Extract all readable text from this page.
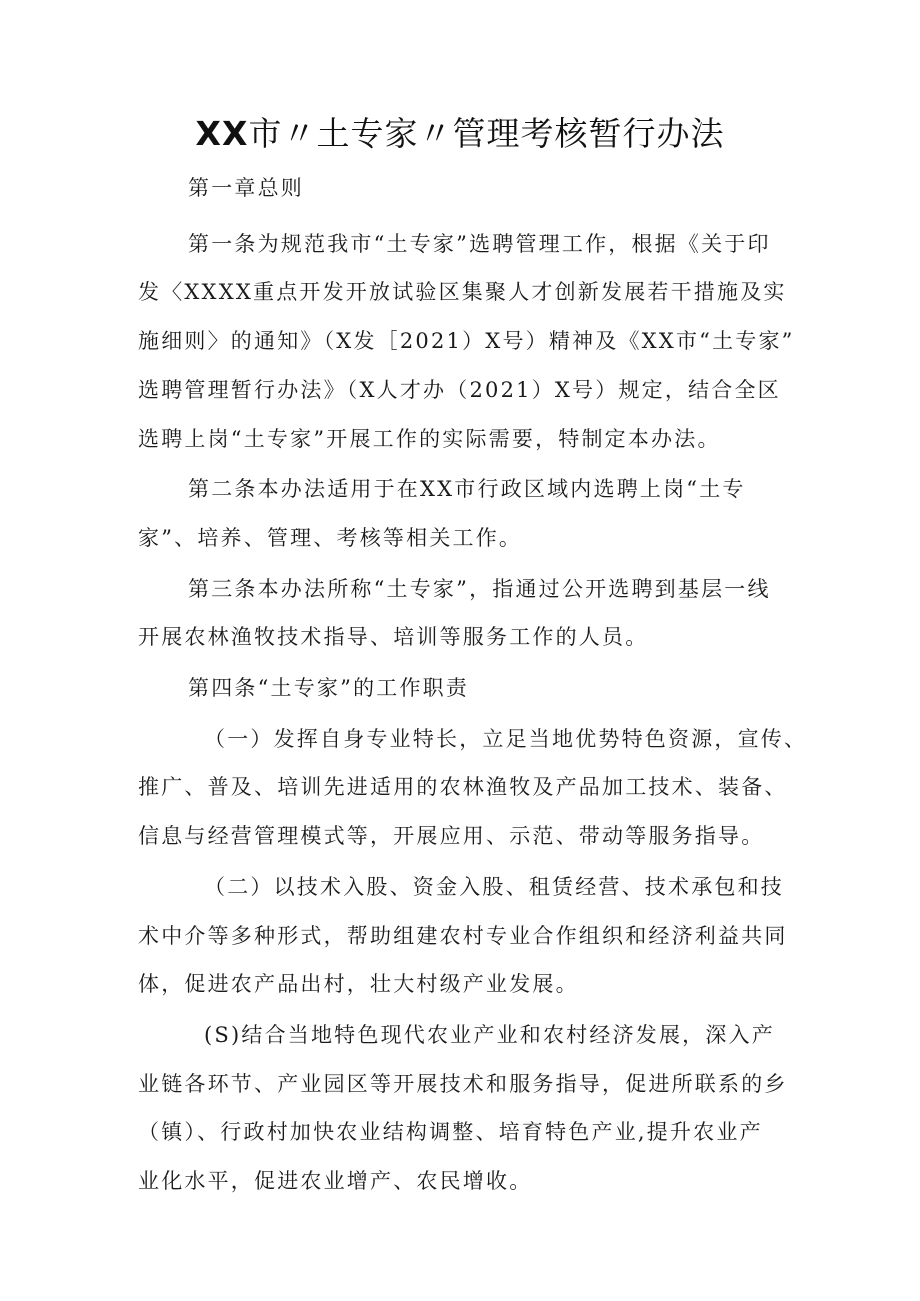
XX市〃土专家〃管理考核暂行办法

第一章总则

第一条为规范我市“土专家”选聘管理工作，根据《关于印
发〈XXXX重点开发开放试验区集聚人才创新发展若干措施及实
施细则〉的通知》（X发［2021）X号）精神及《XX市“土专家”
选聘管理暂行办法》（X人才办（2021）X号）规定，结合全区
选聘上岗“土专家”开展工作的实际需要，特制定本办法。

第二条本办法适用于在XX市行政区域内选聘上岗“土专
家”、培养、管理、考核等相关工作。

第三条本办法所称“土专家”，指通过公开选聘到基层一线
开展农林渔牧技术指导、培训等服务工作的人员。

第四条“土专家”的工作职责

（一）发挥自身专业特长，立足当地优势特色资源，宣传、
推广、普及、培训先进适用的农林渔牧及产品加工技术、装备、
信息与经营管理模式等，开展应用、示范、带动等服务指导。

（二）以技术入股、资金入股、租赁经营、技术承包和技
术中介等多种形式，帮助组建农村专业合作组织和经济利益共同
体，促进农产品出村，壮大村级产业发展。

(S)结合当地特色现代农业产业和农村经济发展，深入产
业链各环节、产业园区等开展技术和服务指导，促进所联系的乡
（镇）、行政村加快农业结构调整、培育特色产业,提升农业产
业化水平，促进农业增产、农民增收。
